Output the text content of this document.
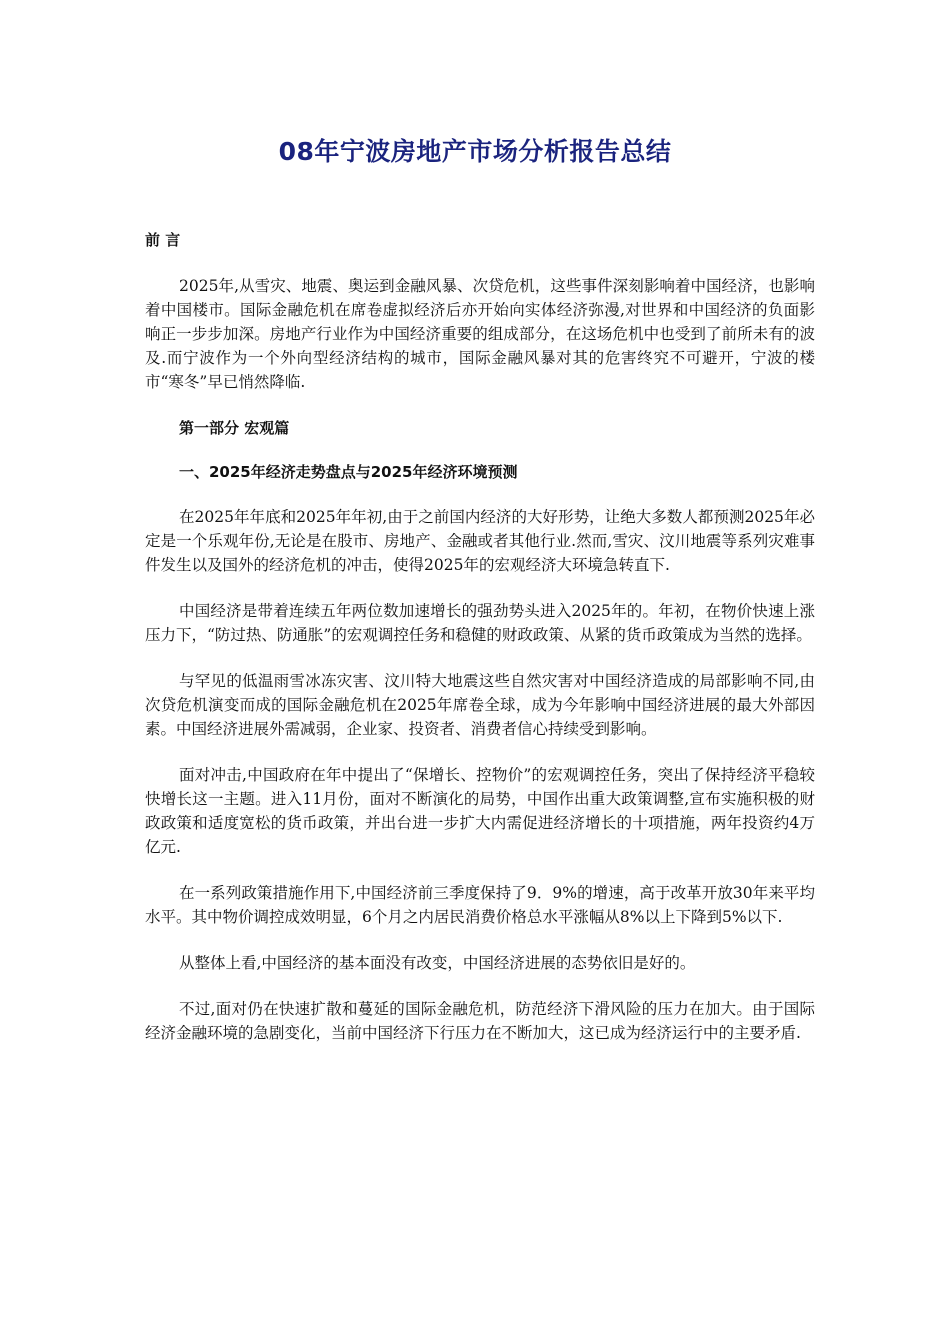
08年宁波房地产市场分析报告总结

前 言

2025年,从雪灾、地震、奥运到金融风暴、次贷危机，这些事件深刻影响着中国经济，也影响着中国楼市。国际金融危机在席卷虚拟经济后亦开始向实体经济弥漫,对世界和中国经济的负面影响正一步步加深。房地产行业作为中国经济重要的组成部分，在这场危机中也受到了前所未有的波及.而宁波作为一个外向型经济结构的城市，国际金融风暴对其的危害终究不可避开，宁波的楼市“寒冬”早已悄然降临.

第一部分 宏观篇

一、2025年经济走势盘点与2025年经济环境预测

在2025年年底和2025年年初,由于之前国内经济的大好形势，让绝大多数人都预测2025年必定是一个乐观年份,无论是在股市、房地产、金融或者其他行业.然而,雪灾、汶川地震等系列灾难事件发生以及国外的经济危机的冲击，使得2025年的宏观经济大环境急转直下.

中国经济是带着连续五年两位数加速增长的强劲势头进入2025年的。年初，在物价快速上涨压力下，“防过热、防通胀”的宏观调控任务和稳健的财政政策、从紧的货币政策成为当然的选择。

与罕见的低温雨雪冰冻灾害、汶川特大地震这些自然灾害对中国经济造成的局部影响不同,由次贷危机演变而成的国际金融危机在2025年席卷全球，成为今年影响中国经济进展的最大外部因素。中国经济进展外需减弱，企业家、投资者、消费者信心持续受到影响。

面对冲击,中国政府在年中提出了“保增长、控物价”的宏观调控任务，突出了保持经济平稳较快增长这一主题。进入11月份，面对不断演化的局势，中国作出重大政策调整,宣布实施积极的财政政策和适度宽松的货币政策，并出台进一步扩大内需促进经济增长的十项措施，两年投资约4万亿元.

在一系列政策措施作用下,中国经济前三季度保持了9．9%的增速，高于改革开放30年来平均水平。其中物价调控成效明显，6个月之内居民消费价格总水平涨幅从8%以上下降到5%以下.

从整体上看,中国经济的基本面没有改变，中国经济进展的态势依旧是好的。

不过,面对仍在快速扩散和蔓延的国际金融危机，防范经济下滑风险的压力在加大。由于国际经济金融环境的急剧变化，当前中国经济下行压力在不断加大，这已成为经济运行中的主要矛盾.
